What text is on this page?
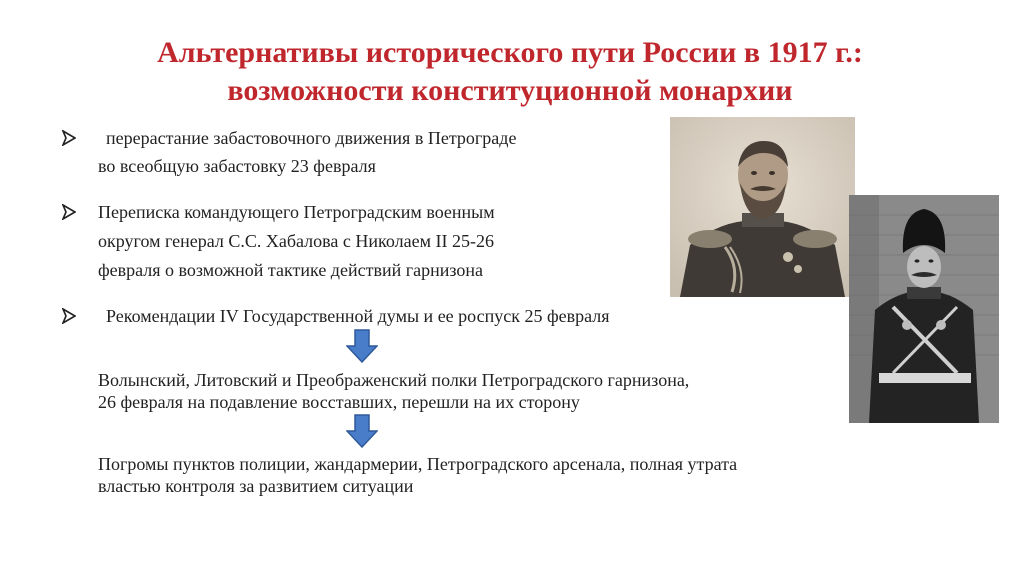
Альтернативы исторического пути России в 1917 г.:
возможности конституционной монархии
перерастание забастовочного движения в Петрограде
во всеобщую забастовку 23 февраля
Переписка командующего Петроградским военным
округом генерал С.С. Хабалова с Николаем II 25-26
февраля о возможной тактике действий гарнизона
Рекомендации IV Государственной думы и ее роспуск 25 февраля
Волынский, Литовский и Преображенский полки Петроградского гарнизона,
26 февраля на подавление восставших, перешли на их сторону
Погромы пунктов полиции, жандармерии, Петроградского арсенала, полная утрата
властью контроля за развитием ситуации
